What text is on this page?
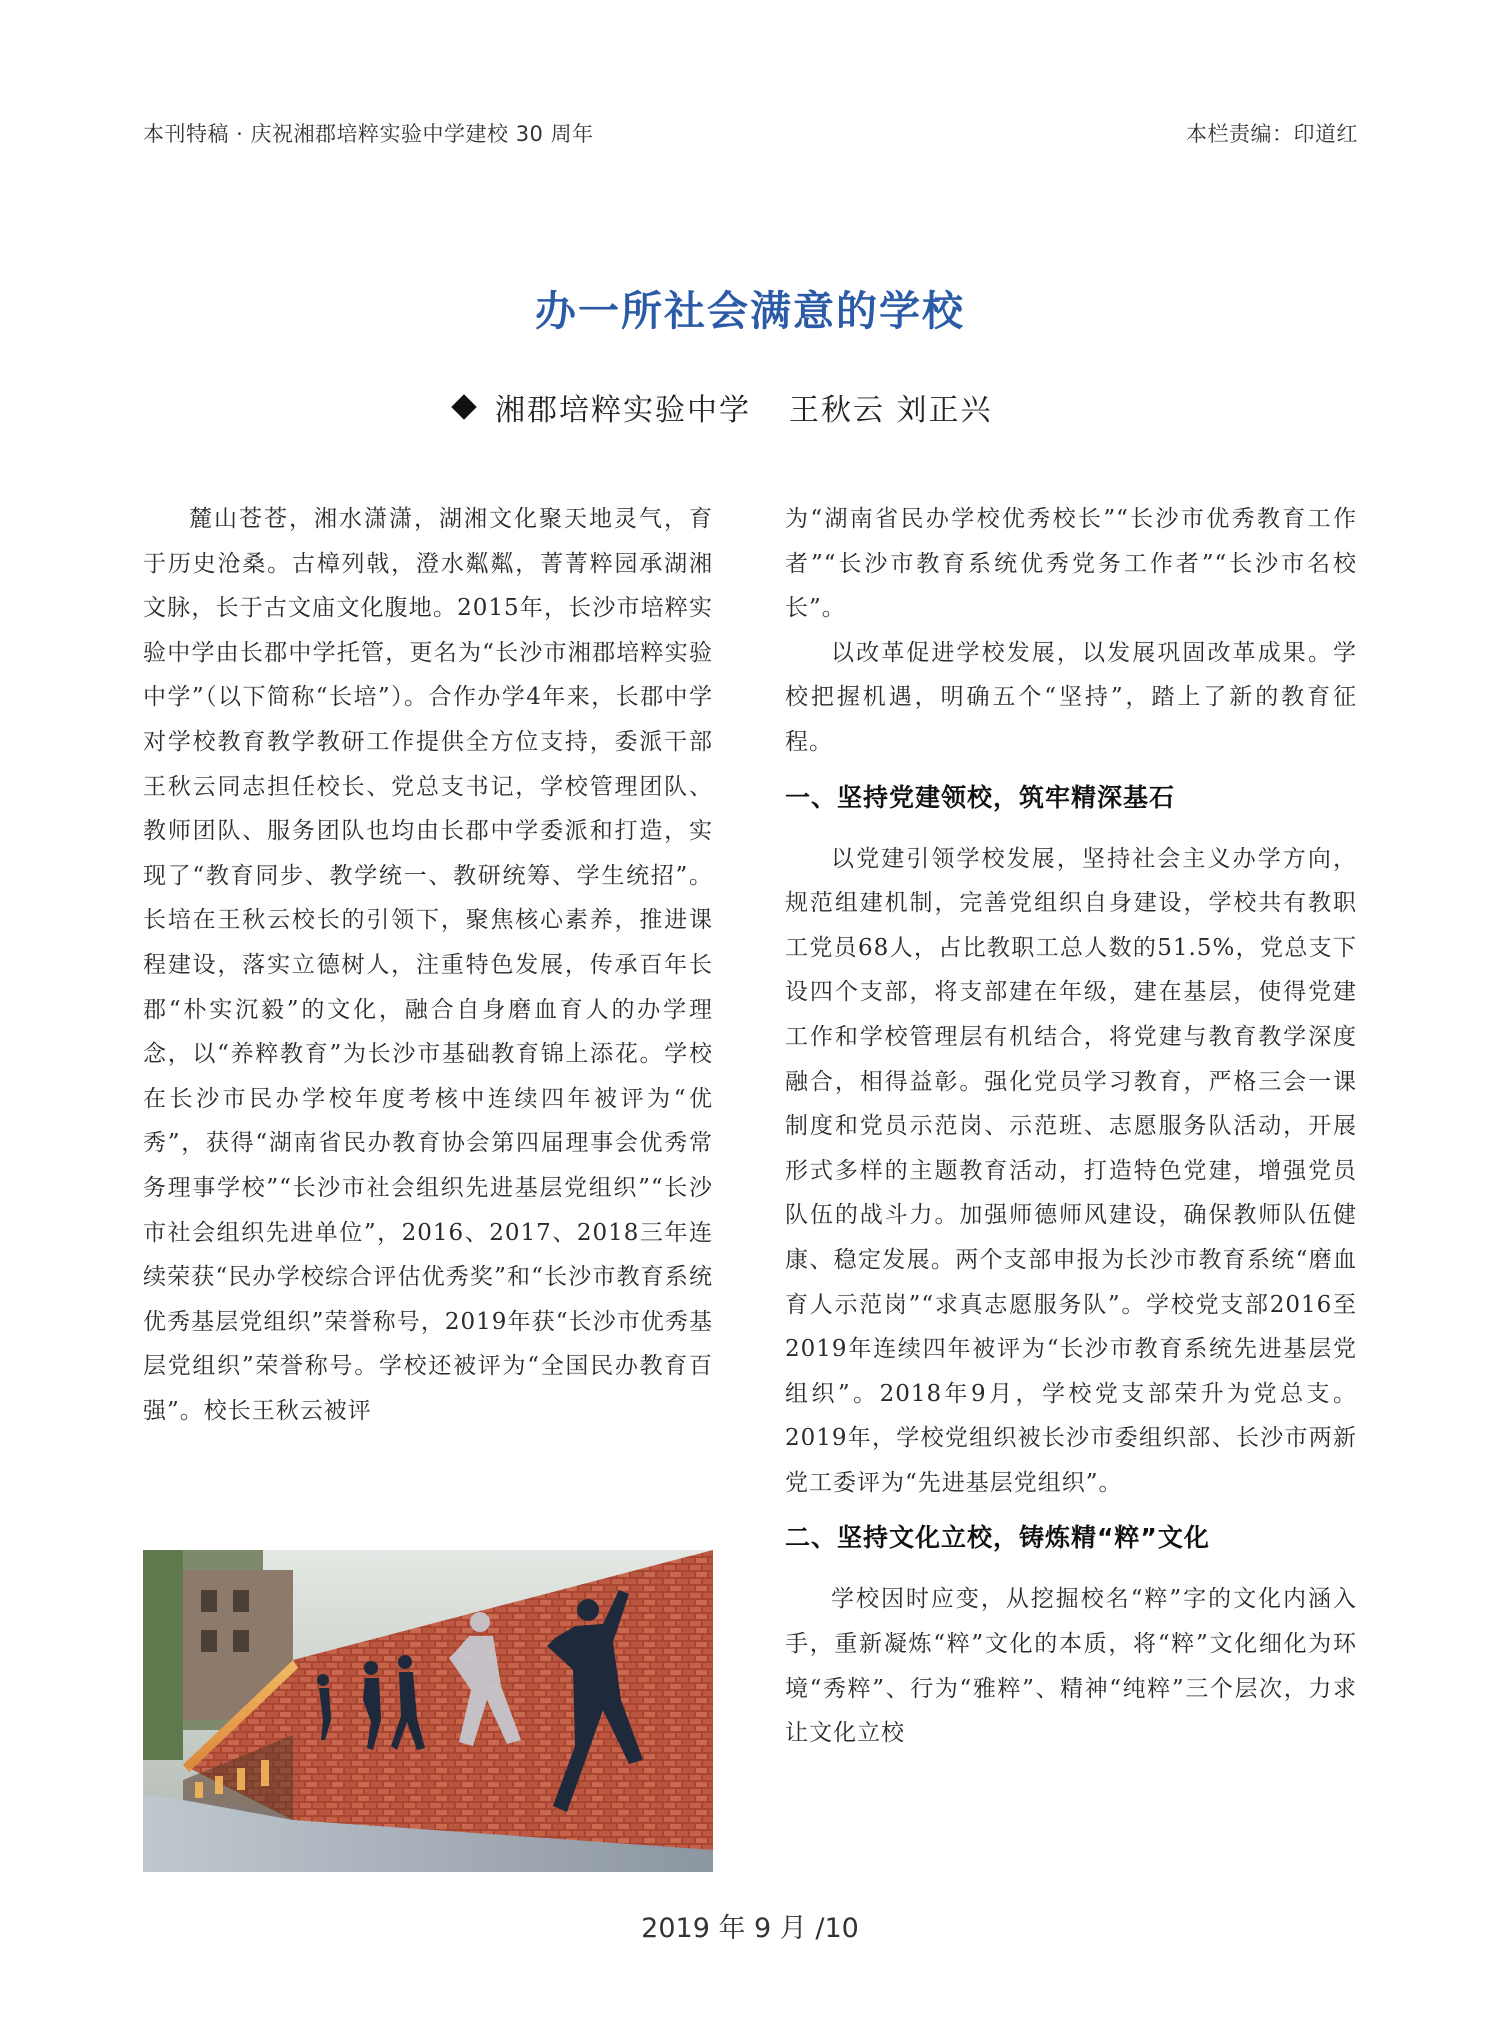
本刊特稿 · 庆祝湘郡培粹实验中学建校 30 周年	本栏责编：印道红
办一所社会满意的学校
湘郡培粹实验中学 王秋云 刘正兴

麓山苍苍，湘水潇潇，湖湘文化聚天地灵气，育于历史沧桑。古樟列戟，澄水粼粼，菁菁粹园承湖湘文脉，长于古文庙文化腹地。2015年，长沙市培粹实验中学由长郡中学托管，更名为“长沙市湘郡培粹实验中学”（以下简称“长培”）。合作办学4年来，长郡中学对学校教育教学教研工作提供全方位支持，委派干部王秋云同志担任校长、党总支书记，学校管理团队、教师团队、服务团队也均由长郡中学委派和打造，实现了“教育同步、教学统一、教研统筹、学生统招”。长培在王秋云校长的引领下，聚焦核心素养，推进课程建设，落实立德树人，注重特色发展，传承百年长郡“朴实沉毅”的文化，融合自身磨血育人的办学理念，以“养粹教育”为长沙市基础教育锦上添花。学校在长沙市民办学校年度考核中连续四年被评为“优秀”，获得“湖南省民办教育协会第四届理事会优秀常务理事学校”“长沙市社会组织先进基层党组织”“长沙市社会组织先进单位”，2016、2017、2018三年连续荣获“民办学校综合评估优秀奖”和“长沙市教育系统优秀基层党组织”荣誉称号，2019年获“长沙市优秀基层党组织”荣誉称号。学校还被评为“全国民办教育百强”。校长王秋云被评

为“湖南省民办学校优秀校长”“长沙市优秀教育工作者”“长沙市教育系统优秀党务工作者”“长沙市名校长”。

以改革促进学校发展，以发展巩固改革成果。学校把握机遇，明确五个“坚持”，踏上了新的教育征程。

一、坚持党建领校，筑牢精深基石

以党建引领学校发展，坚持社会主义办学方向，规范组建机制，完善党组织自身建设，学校共有教职工党员68人，占比教职工总人数的51.5%，党总支下设四个支部，将支部建在年级，建在基层，使得党建工作和学校管理层有机结合，将党建与教育教学深度融合，相得益彰。强化党员学习教育，严格三会一课制度和党员示范岗、示范班、志愿服务队活动，开展形式多样的主题教育活动，打造特色党建，增强党员队伍的战斗力。加强师德师风建设，确保教师队伍健康、稳定发展。两个支部申报为长沙市教育系统“磨血育人示范岗”“求真志愿服务队”。学校党支部2016至2019年连续四年被评为“长沙市教育系统先进基层党组织”。2018年9月，学校党支部荣升为党总支。2019年，学校党组织被长沙市委组织部、长沙市两新党工委评为“先进基层党组织”。

二、坚持文化立校，铸炼精“粹”文化

学校因时应变，从挖掘校名“粹”字的文化内涵入手，重新凝炼“粹”文化的本质，将“粹”文化细化为环境“秀粹”、行为“雅粹”、精神“纯粹”三个层次，力求让文化立校

2019 年 9 月 /10
